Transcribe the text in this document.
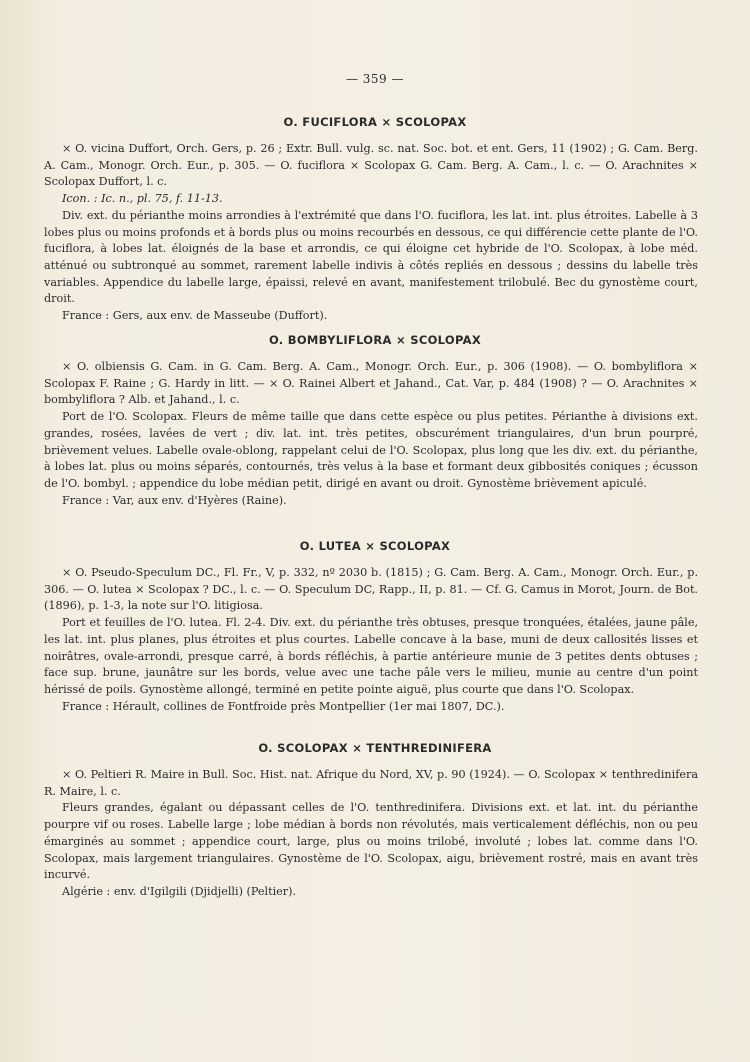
— 359 —
O. FUCIFLORA × SCOLOPAX

× O. vicina Duffort, Orch. Gers, p. 26 ; Extr. Bull. vulg. sc. nat. Soc. bot. et ent. Gers, 11 (1902) ; G. Cam. Berg. A. Cam., Monogr. Orch. Eur., p. 305. — O. fuciflora × Scolopax G. Cam. Berg. A. Cam., l. c. — O. Arachnites × Scolopax Duffort, l. c.

Icon. : Ic. n., pl. 75, f. 11-13.

Div. ext. du périanthe moins arrondies à l'extrémité que dans l'O. fuciflora, les lat. int. plus étroites. Labelle à 3 lobes plus ou moins profonds et à bords plus ou moins recourbés en dessous, ce qui différencie cette plante de l'O. fuciflora, à lobes lat. éloignés de la base et arrondis, ce qui éloigne cet hybride de l'O. Scolopax, à lobe méd. atténué ou subtronqué au sommet, rarement labelle indivis à côtés repliés en dessous ; dessins du labelle très variables. Appendice du labelle large, épaissi, relevé en avant, manifestement trilobulé. Bec du gynostème court, droit.

France : Gers, aux env. de Masseube (Duffort).

O. BOMBYLIFLORA × SCOLOPAX

× O. olbiensis G. Cam. in G. Cam. Berg. A. Cam., Monogr. Orch. Eur., p. 306 (1908). — O. bombyliflora × Scolopax F. Raine ; G. Hardy in litt. — × O. Rainei Albert et Jahand., Cat. Var, p. 484 (1908) ? — O. Arachnites × bombyliflora ? Alb. et Jahand., l. c.

Port de l'O. Scolopax. Fleurs de même taille que dans cette espèce ou plus petites. Périanthe à divisions ext. grandes, rosées, lavées de vert ; div. lat. int. très petites, obscurément triangulaires, d'un brun pourpré, brièvement velues. Labelle ovale-oblong, rappelant celui de l'O. Scolopax, plus long que les div. ext. du périanthe, à lobes lat. plus ou moins séparés, contournés, très velus à la base et formant deux gibbosités coniques ; écusson de l'O. bombyl. ; appendice du lobe médian petit, dirigé en avant ou droit. Gynostème brièvement apiculé.

France : Var, aux env. d'Hyères (Raine).

O. LUTEA × SCOLOPAX

× O. Pseudo-Speculum DC., Fl. Fr., V, p. 332, nº 2030 b. (1815) ; G. Cam. Berg. A. Cam., Monogr. Orch. Eur., p. 306. — O. lutea × Scolopax ? DC., l. c. — O. Speculum DC, Rapp., II, p. 81. — Cf. G. Camus in Morot, Journ. de Bot. (1896), p. 1-3, la note sur l'O. litigiosa.

Port et feuilles de l'O. lutea. Fl. 2-4. Div. ext. du périanthe très obtuses, presque tronquées, étalées, jaune pâle, les lat. int. plus planes, plus étroites et plus courtes. Labelle concave à la base, muni de deux callosités lisses et noirâtres, ovale-arrondi, presque carré, à bords réfléchis, à partie antérieure munie de 3 petites dents obtuses ; face sup. brune, jaunâtre sur les bords, velue avec une tache pâle vers le milieu, munie au centre d'un point hérissé de poils. Gynostème allongé, terminé en petite pointe aiguë, plus courte que dans l'O. Scolopax.

France : Hérault, collines de Fontfroide près Montpellier (1er mai 1807, DC.).

O. SCOLOPAX × TENTHREDINIFERA

× O. Peltieri R. Maire in Bull. Soc. Hist. nat. Afrique du Nord, XV, p. 90 (1924). — O. Scolopax × tenthredinifera R. Maire, l. c.

Fleurs grandes, égalant ou dépassant celles de l'O. tenthredinifera. Divisions ext. et lat. int. du périanthe pourpre vif ou roses. Labelle large ; lobe médian à bords non révolutés, mais verticalement défléchis, non ou peu émarginés au sommet ; appendice court, large, plus ou moins trilobé, involuté ; lobes lat. comme dans l'O. Scolopax, mais largement triangulaires. Gynostème de l'O. Scolopax, aigu, brièvement rostré, mais en avant très incurvé.

Algérie : env. d'Igilgili (Djidjelli) (Peltier).
